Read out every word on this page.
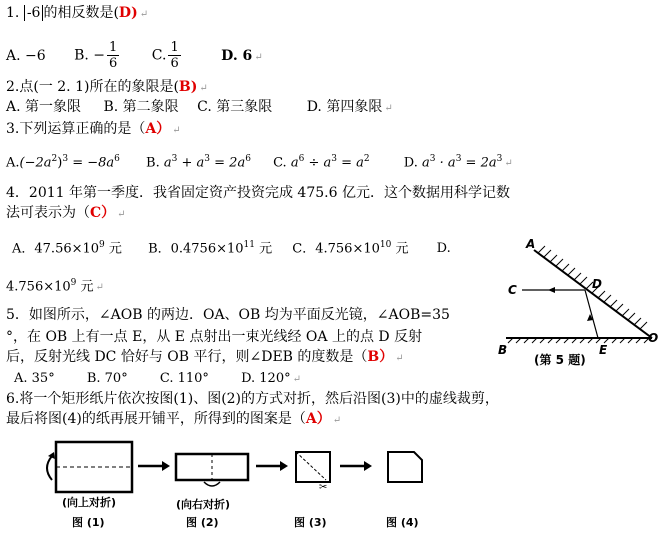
1. -6 的相反数是(D) ↵
A. −6 B. − $\frac{1}{6} C$. $\frac{1}{6}$	D. 6 ↵
2.点(一 2. 1)所在的象限是(B) ↵
A. 第一象限 B. 第二象限 C. 第三象限 D. 第四象限 ↵
3.下列运算正确的是（A） ↵
$A.(-2a^2)^3 = -8a^6$ B. $a^3 + a^3 = 2a^6$ C. $a^6 \div a^3 = a^2$	D. $a^3 \cdot a^3 = 2a^3$ ↵
4．2011 年第一季度．我省固定资产投资完成 475.6 亿元．这个数据用科学记数
法可表示为（C） ↵
A．$47.56\times 10^9$ 元 B．$0.4756\times 10^{11}$ 元 C．$4.756\times 10^{10}$ 元 D.
$4.756\times 10^9$ 元 ↵
5．如图所示，∠AOB 的两边．OA、OB 均为平面反光镜，∠AOB=35
°，在 OB 上有一点 E，从 E 点射出一束光线经 OA 上的点 D 反射
后，反射光线 DC 恰好与 OB 平行，则∠DEB 的度数是（B） ↵
A. 35° B. 70° C. 110° D. 120° ↵
A
C	D
B	E
O
(第 5 题)
6.将一个矩形纸片依次按图(1)、图(2)的方式对折，然后沿图(3)中的虚线裁剪，
最后将图(4)的纸再展开铺平，所得到的图案是（A） ↵
(向上对折)
图 (1)
(向右对折)
图 (2)
✂
图 (3)	图 (4)
